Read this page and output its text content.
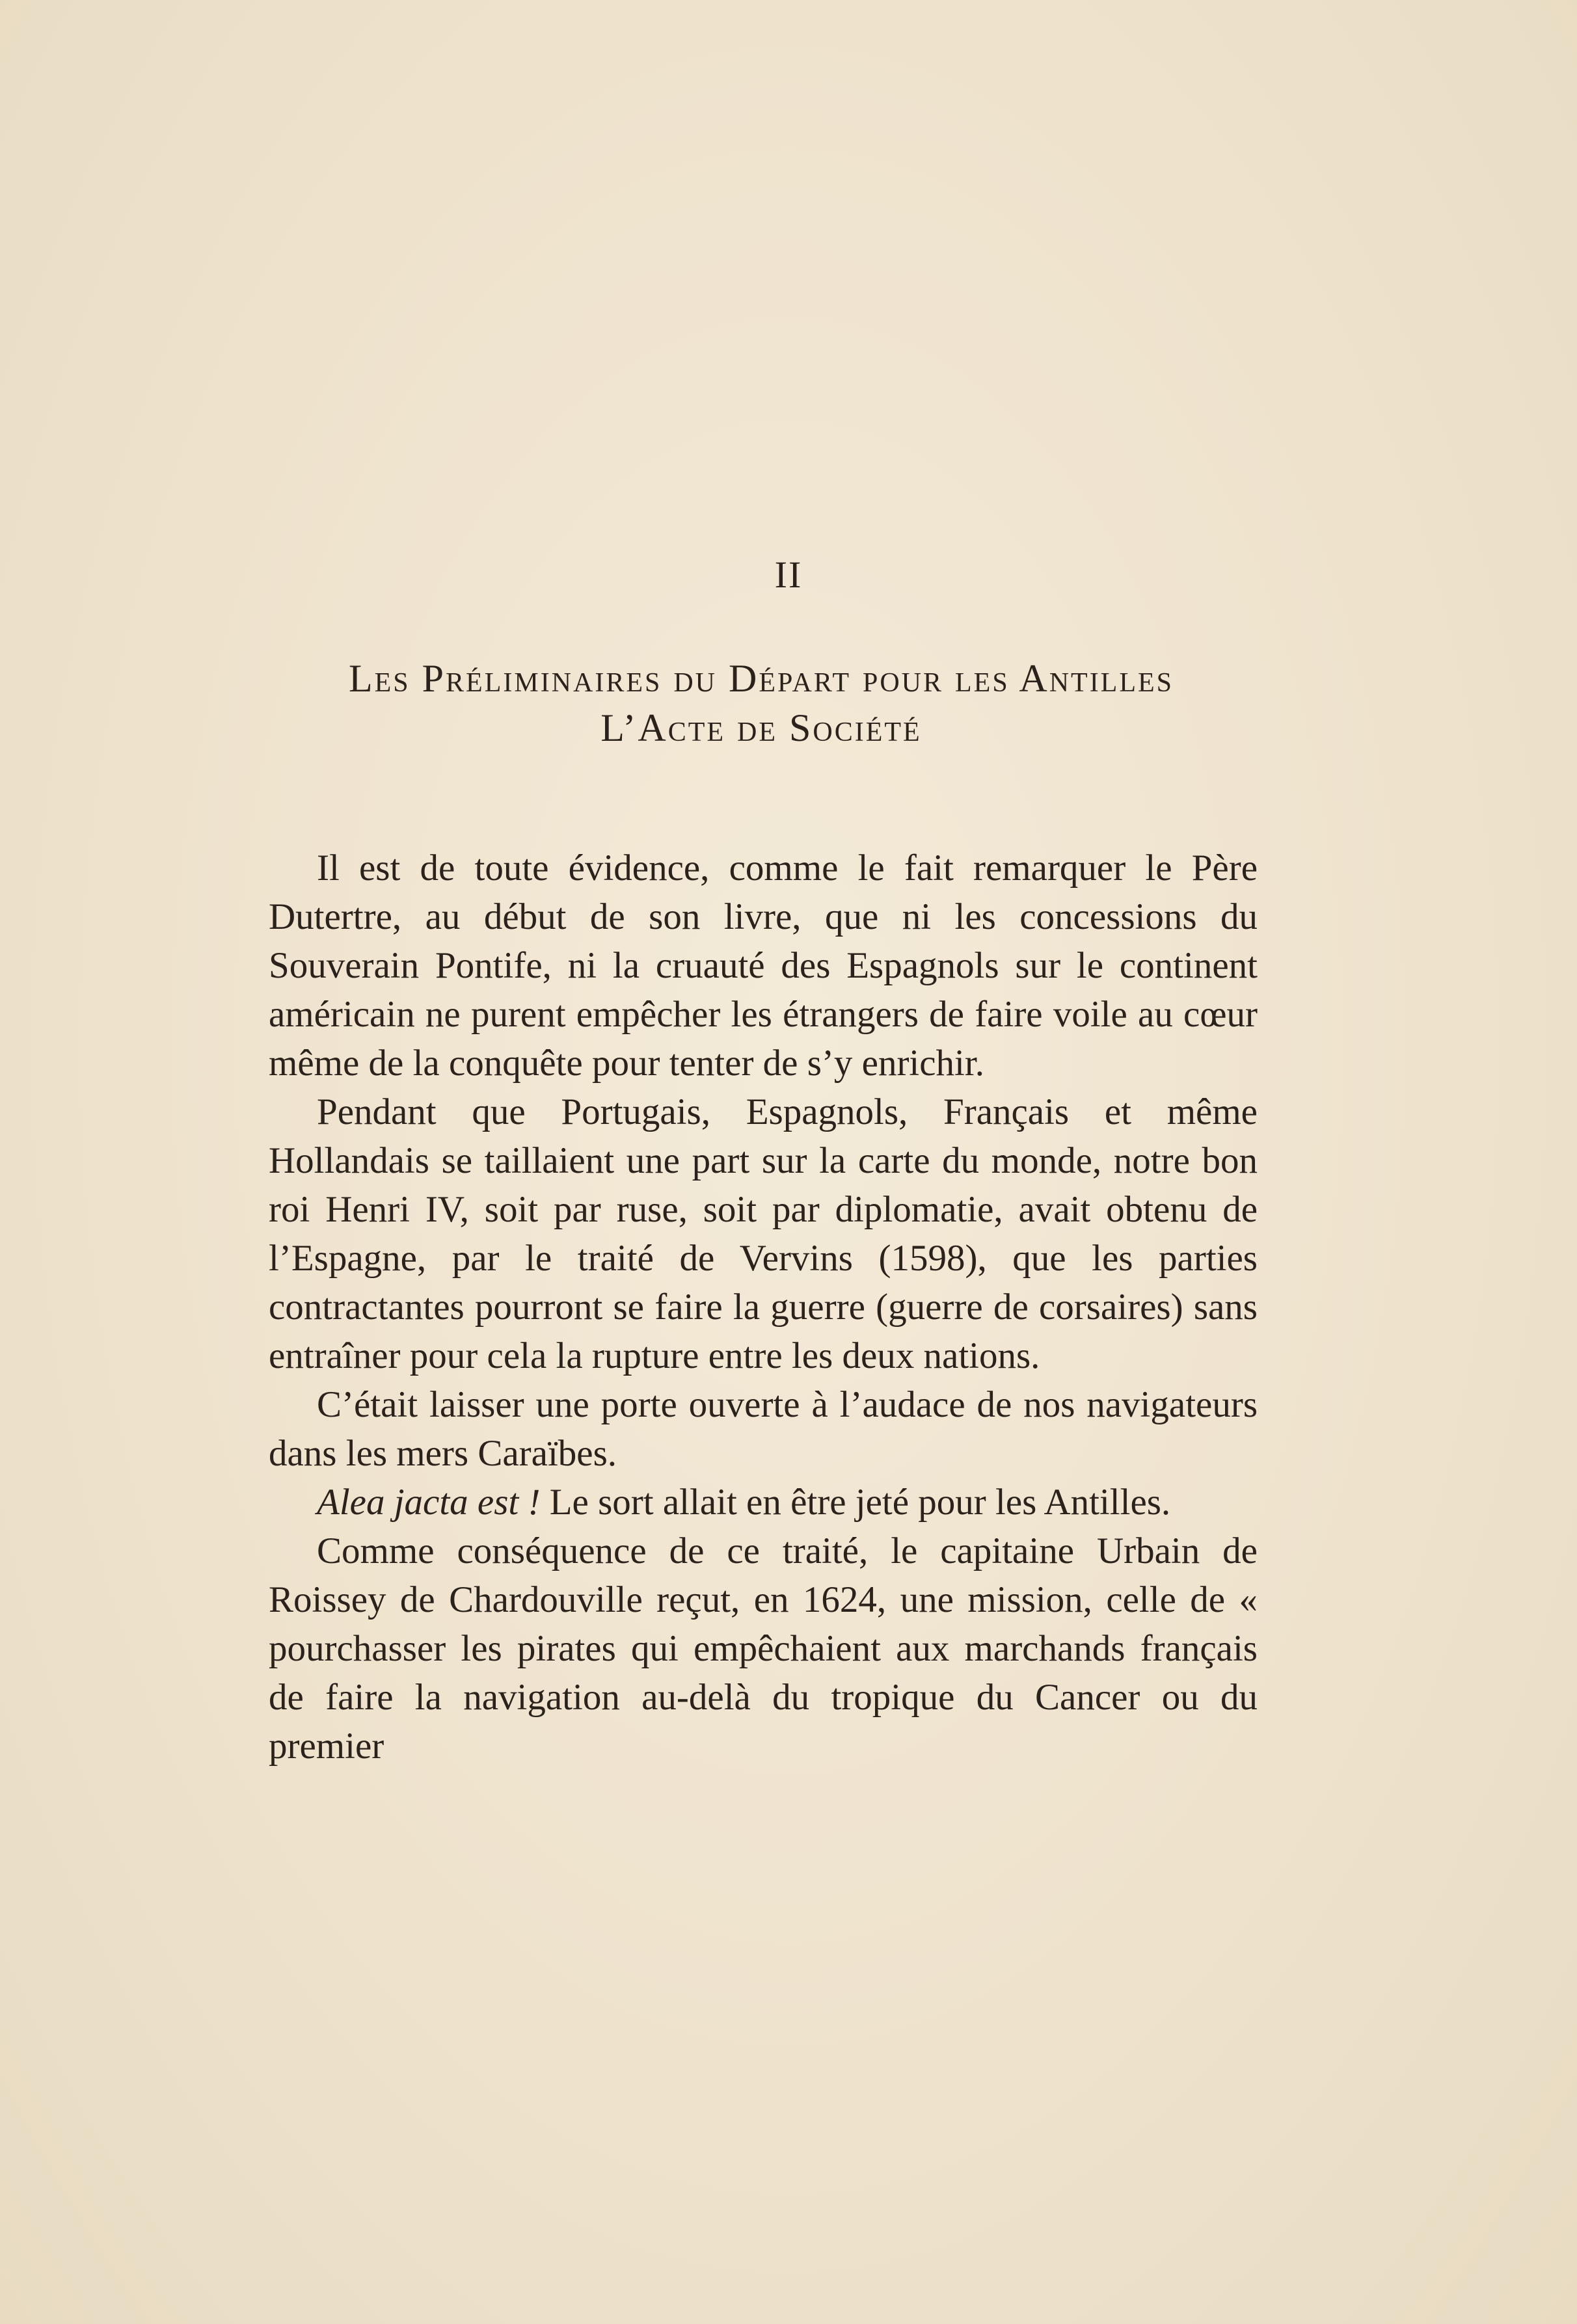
II
Les Préliminaires du Départ pour les Antilles
L’Acte de Société

Il est de toute évidence, comme le fait remarquer le Père Dutertre, au début de son livre, que ni les concessions du Souverain Pontife, ni la cruauté des Espagnols sur le continent américain ne purent empêcher les étrangers de faire voile au cœur même de la conquête pour tenter de s’y enrichir.

Pendant que Portugais, Espagnols, Français et même Hollandais se taillaient une part sur la carte du monde, notre bon roi Henri IV, soit par ruse, soit par diplomatie, avait obtenu de l’Espagne, par le traité de Vervins (1598), que les parties contractantes pourront se faire la guerre (guerre de corsaires) sans entraîner pour cela la rupture entre les deux nations.

C’était laisser une porte ouverte à l’audace de nos navigateurs dans les mers Caraïbes.

Alea jacta est ! Le sort allait en être jeté pour les Antilles.

Comme conséquence de ce traité, le capitaine Urbain de Roissey de Chardouville reçut, en 1624, une mission, celle de « pourchasser les pirates qui empêchaient aux marchands français de faire la navigation au-delà du tropique du Cancer ou du premier
